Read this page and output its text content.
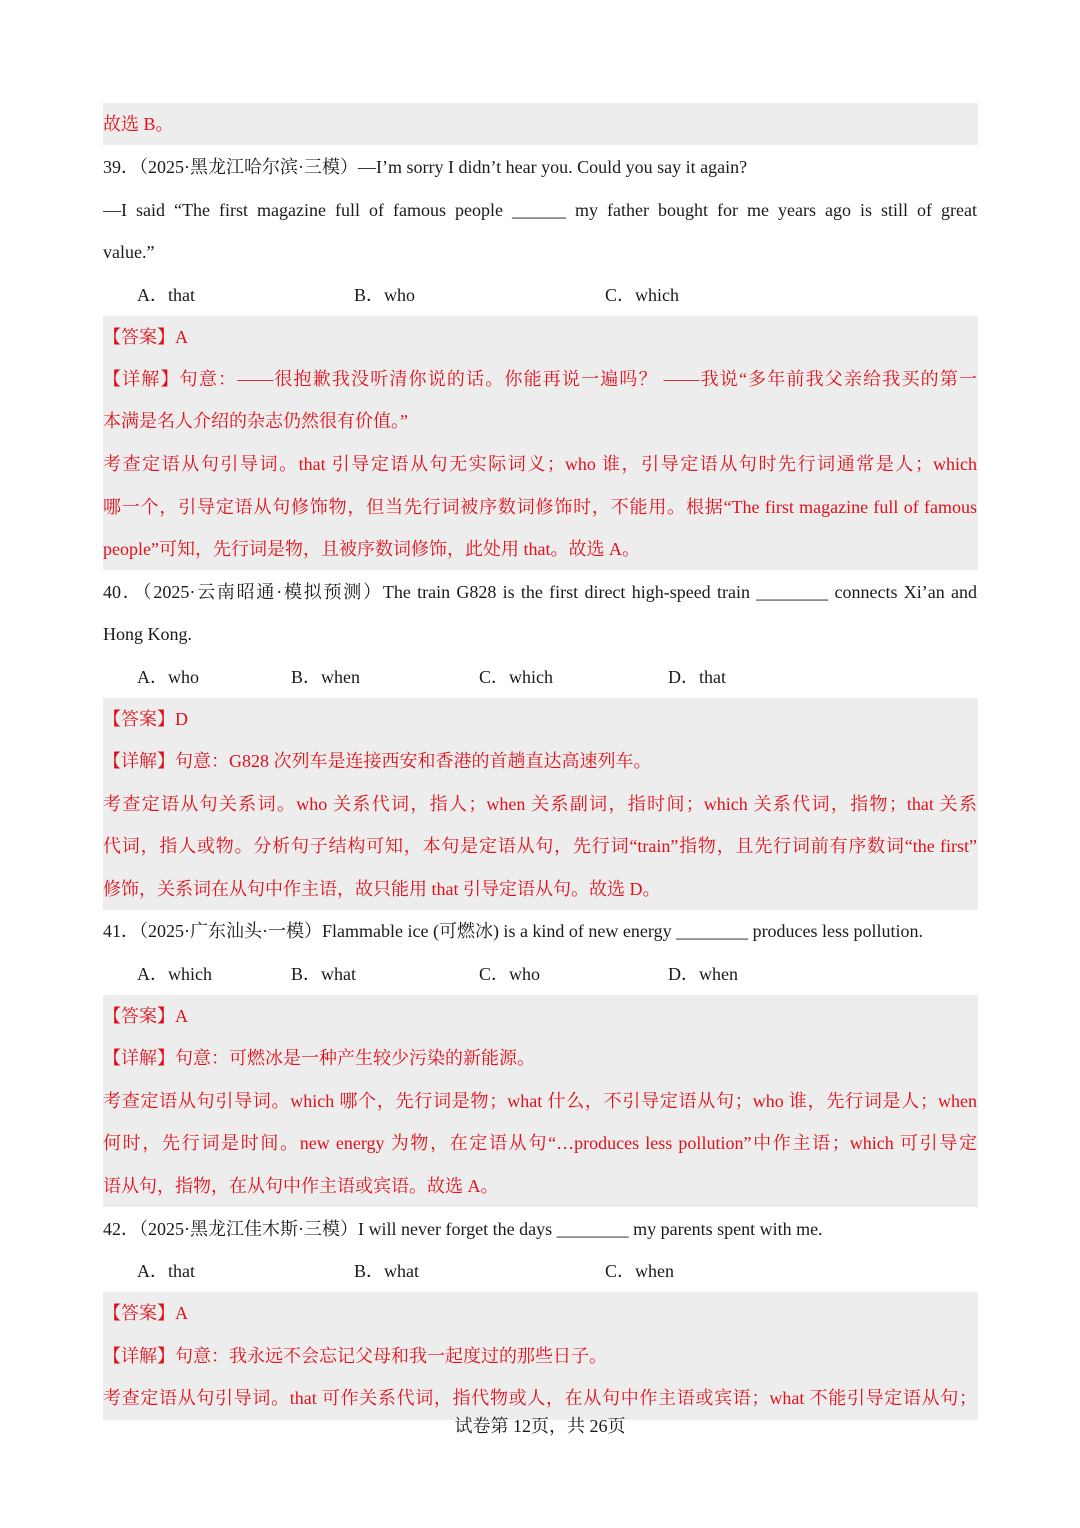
故选 B。
39．（2025·黑龙江哈尔滨·三模）—I’m sorry I didn’t hear you. Could you say it again?
—I said “The first magazine full of famous people ______ my father bought for me years ago is still of great
value.”
A．that	B．who	C．which
【答案】A
【详解】句意：——很抱歉我没听清你说的话。你能再说一遍吗？ ——我说“多年前我父亲给我买的第一
本满是名人介绍的杂志仍然很有价值。”
考查定语从句引导词。that 引导定语从句无实际词义；who 谁，引导定语从句时先行词通常是人；which
哪一个，引导定语从句修饰物，但当先行词被序数词修饰时，不能用。根据“The first magazine full of famous
people”可知，先行词是物，且被序数词修饰，此处用 that。故选 A。
40．（2025·云南昭通·模拟预测）The train G828 is the first direct high-speed train ________ connects Xi’an and
Hong Kong.
A．who	B．when	C．which	D．that
【答案】D
【详解】句意：G828 次列车是连接西安和香港的首趟直达高速列车。
考查定语从句关系词。who 关系代词，指人；when 关系副词，指时间；which 关系代词，指物；that 关系
代词，指人或物。分析句子结构可知，本句是定语从句，先行词“train”指物，且先行词前有序数词“the first”
修饰，关系词在从句中作主语，故只能用 that 引导定语从句。故选 D。
41．（2025·广东汕头·一模）Flammable ice (可燃冰) is a kind of new energy ________ produces less pollution.
A．which	B．what	C．who	D．when
【答案】A
【详解】句意：可燃冰是一种产生较少污染的新能源。
考查定语从句引导词。which 哪个，先行词是物；what 什么，不引导定语从句；who 谁，先行词是人；when
何时，先行词是时间。new energy 为物，在定语从句“…produces less pollution”中作主语；which 可引导定
语从句，指物，在从句中作主语或宾语。故选 A。
42．（2025·黑龙江佳木斯·三模）I will never forget the days ________ my parents spent with me.
A．that	B．what	C．when
【答案】A
【详解】句意：我永远不会忘记父母和我一起度过的那些日子。
考查定语从句引导词。that 可作关系代词，指代物或人，在从句中作主语或宾语；what 不能引导定语从句；
试卷第 12页，共 26页
